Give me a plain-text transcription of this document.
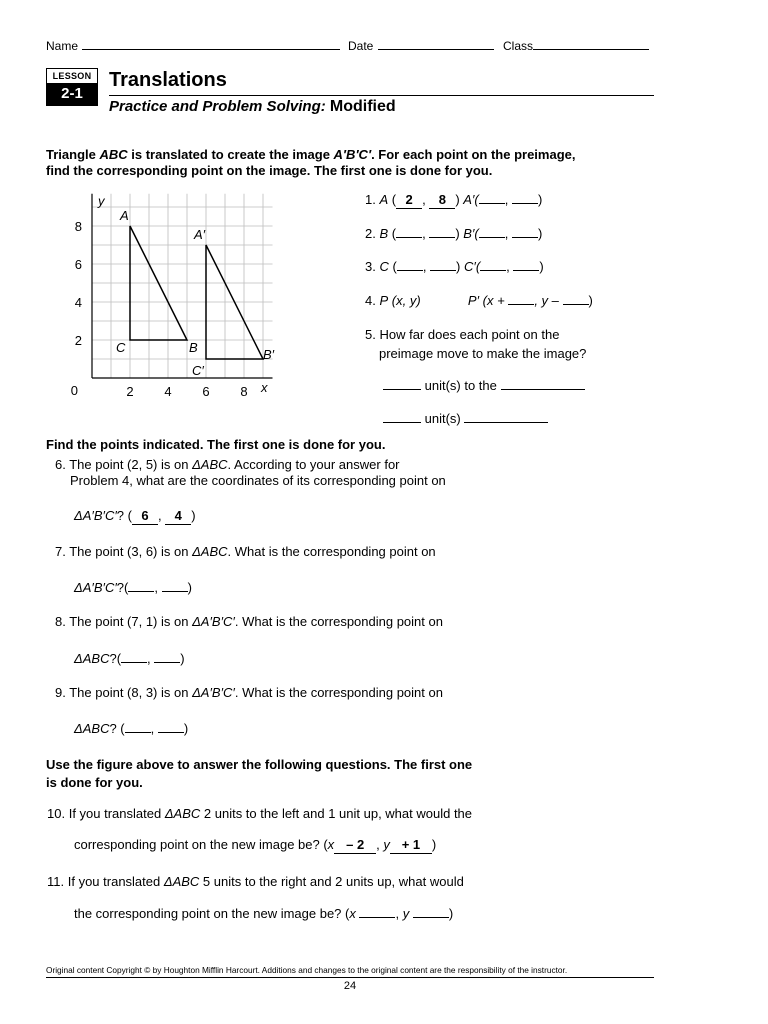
Name	Date	Class
LESSON
2-1
Translations
Practice and Problem Solving: Modified
Triangle ABC is translated to create the image A′B′C′. For each point on the preimage,
find the corresponding point on the image. The first one is done for you.
2 4 6 8
2
4
6
8
0
y
x
A
B
C
A′
B′
C′
1. A ( 2 , 8 ) A′( , )
2. B ( , ) B′( , )
3. C ( , ) C′( , )
4. P (x, y)	P′ (x + , y – )
5. How far does each point on the
preimage move to make the image?
unit(s) to the
unit(s)
Find the points indicated. The first one is done for you.
6. The point (2, 5) is on ΔABC. According to your answer for
Problem 4, what are the coordinates of its corresponding point on
ΔA′B′C′? ( 6 , 4 )
7. The point (3, 6) is on ΔABC. What is the corresponding point on
ΔA′B′C′?( , )
8. The point (7, 1) is on ΔA′B′C′. What is the corresponding point on
ΔABC?( , )
9. The point (8, 3) is on ΔA′B′C′. What is the corresponding point on
ΔABC? ( , )
Use the figure above to answer the following questions. The first one
is done for you.
10. If you translated ΔABC 2 units to the left and 1 unit up, what would the
corresponding point on the new image be? (x – 2 , y + 1 )
11. If you translated ΔABC 5 units to the right and 2 units up, what would
the corresponding point on the new image be? (x	, y	)
Original content Copyright © by Houghton Mifflin Harcourt. Additions and changes to the original content are the responsibility of the instructor.
24
